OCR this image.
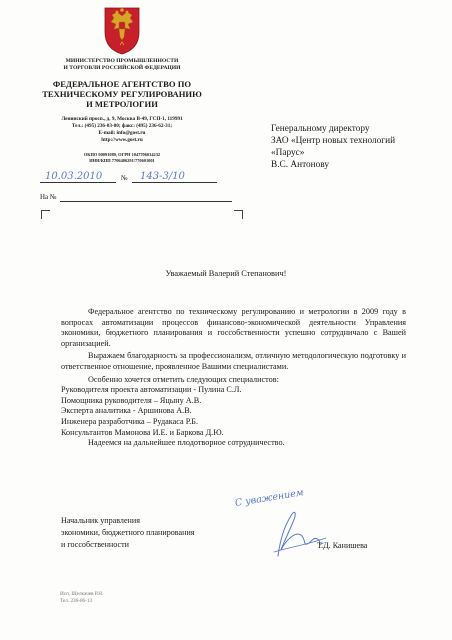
МИНИСТЕРСТВО ПРОМЫШЛЕННОСТИ
И ТОРГОВЛИ РОССИЙСКОЙ ФЕДЕРАЦИИ
ФЕДЕРАЛЬНОЕ АГЕНТСТВО ПО
ТЕХНИЧЕСКОМУ РЕГУЛИРОВАНИЮ
И МЕТРОЛОГИИ
Ленинский просп., д. 9, Москва В-49, ГСП-1, 119991
Тел.: (495) 236-03-00; факс: (495) 236-62-31;
E-mail: info@gost.ru
http://www.gost.ru
ОКПО 00091089, ОГРН 1047706034232
ИНН/КПП 7706406291/770601001
10.03.2010	№ 143-3/10
На №
Генеральному директору
ЗАО «Центр новых технологий
«Парус»
В.С. Антонову
Уважаемый Валерий Степанович!

Федеральное агентство по техническому регулированию и метрологии в 2009 году в вопросах автоматизации процессов финансово-экономической деятельности Управления экономики, бюджетного планирования и госсобственности успешно сотрудничало с Вашей организацией.

Выражаем благодарность за профессионализм, отличную методологическую подготовку и ответственное отношение, проявленное Вашими специалистами.

Особенно хочется отметить следующих специалистов:

Руководителя проекта автоматизации - Пулина С.Л.

Помощника руководителя – Яцыну А.В.

Эксперта аналитика - Аршинова А.В.

Инженера разработчика – Рудакаса Р.Б.

Консультантов Мамонова И.Е. и Баркова Д.Ю.

Надеемся на дальнейшее плодотворное сотрудничество.

С уважением
Начальник управления
экономики, бюджетного планирования
и госсобственности	Т.Д. Канишева
Исп. Щелкачев Р.Н.
Тел. 236-86-13
